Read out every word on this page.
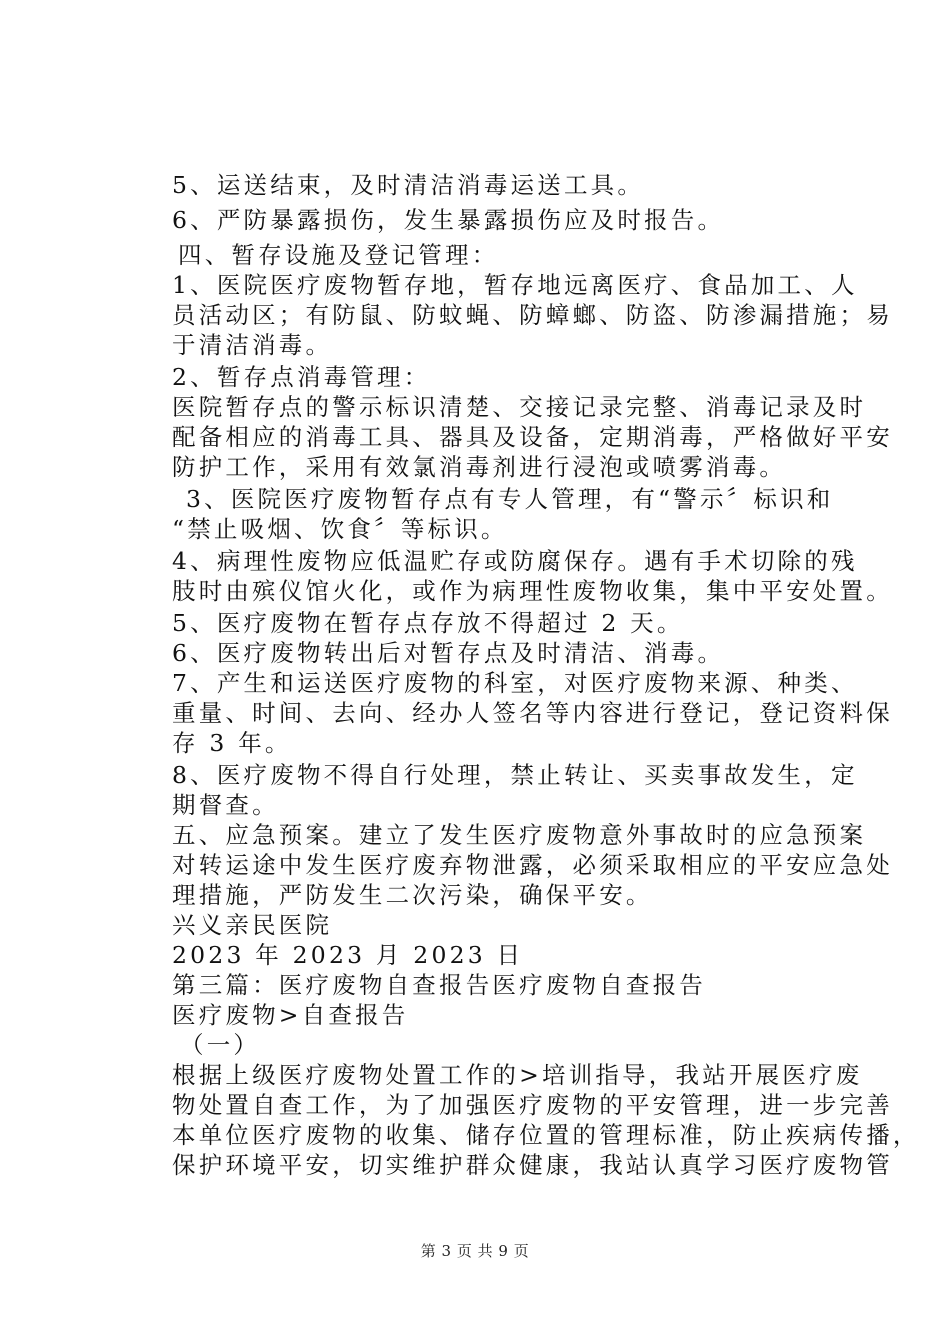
5、运送结束，及时清洁消毒运送工具。
6、严防暴露损伤，发生暴露损伤应及时报告。
四、暂存设施及登记管理：
1、医院医疗废物暂存地，暂存地远离医疗、食品加工、人
员活动区；有防鼠、防蚊蝇、防蟑螂、防盗、防渗漏措施；易
于清洁消毒。
2、暂存点消毒管理：
医院暂存点的警示标识清楚、交接记录完整、消毒记录及时
配备相应的消毒工具、器具及设备，定期消毒，严格做好平安
防护工作，采用有效氯消毒剂进行浸泡或喷雾消毒。
3、医院医疗废物暂存点有专人管理，有“警示〞标识和
“禁止吸烟、饮食〞等标识。
4、病理性废物应低温贮存或防腐保存。遇有手术切除的残
肢时由殡仪馆火化，或作为病理性废物收集，集中平安处置。
5、医疗废物在暂存点存放不得超过 2 天。
6、医疗废物转出后对暂存点及时清洁、消毒。
7、产生和运送医疗废物的科室，对医疗废物来源、种类、
重量、时间、去向、经办人签名等内容进行登记，登记资料保
存 3 年。
8、医疗废物不得自行处理，禁止转让、买卖事故发生，定
期督查。
五、应急预案。建立了发生医疗废物意外事故时的应急预案
对转运途中发生医疗废弃物泄露，必须采取相应的平安应急处
理措施，严防发生二次污染，确保平安。
兴义亲民医院
2023 年 2023 月 2023 日
第三篇：医疗废物自查报告医疗废物自查报告
医疗废物>自查报告
（一）
根据上级医疗废物处置工作的>培训指导，我站开展医疗废
物处置自查工作，为了加强医疗废物的平安管理，进一步完善
本单位医疗废物的收集、储存位置的管理标准，防止疾病传播，
保护环境平安，切实维护群众健康，我站认真学习医疗废物管
第 3 页 共 9 页
